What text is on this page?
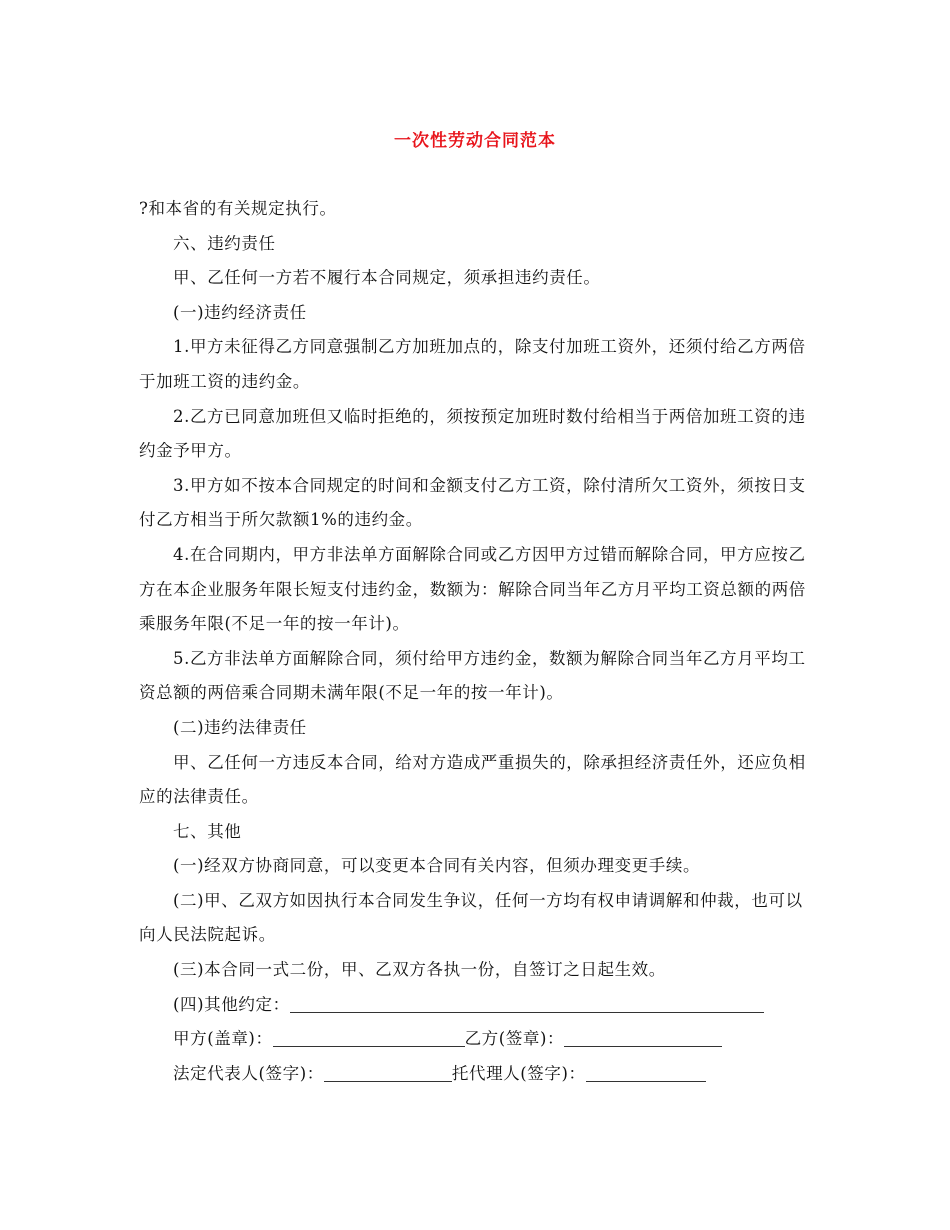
一次性劳动合同范本

?和本省的有关规定执行。

六、违约责任

甲、乙任何一方若不履行本合同规定，须承担违约责任。

(一)违约经济责任

1.甲方未征得乙方同意强制乙方加班加点的，除支付加班工资外，还须付给乙方两倍于加班工资的违约金。

2.乙方已同意加班但又临时拒绝的，须按预定加班时数付给相当于两倍加班工资的违约金予甲方。

3.甲方如不按本合同规定的时间和金额支付乙方工资，除付清所欠工资外，须按日支付乙方相当于所欠款额1%的违约金。

4.在合同期内，甲方非法单方面解除合同或乙方因甲方过错而解除合同，甲方应按乙方在本企业服务年限长短支付违约金，数额为：解除合同当年乙方月平均工资总额的两倍乘服务年限(不足一年的按一年计)。

5.乙方非法单方面解除合同，须付给甲方违约金，数额为解除合同当年乙方月平均工资总额的两倍乘合同期未满年限(不足一年的按一年计)。

(二)违约法律责任

甲、乙任何一方违反本合同，给对方造成严重损失的，除承担经济责任外，还应负相应的法律责任。

七、其他

(一)经双方协商同意，可以变更本合同有关内容，但须办理变更手续。

(二)甲、乙双方如因执行本合同发生争议，任何一方均有权申请调解和仲裁，也可以向人民法院起诉。

(三)本合同一式二份，甲、乙双方各执一份，自签订之日起生效。

(四)其他约定：

甲方(盖章)：	乙方(签章)：

法定代表人(签字)：	托代理人(签字)：
